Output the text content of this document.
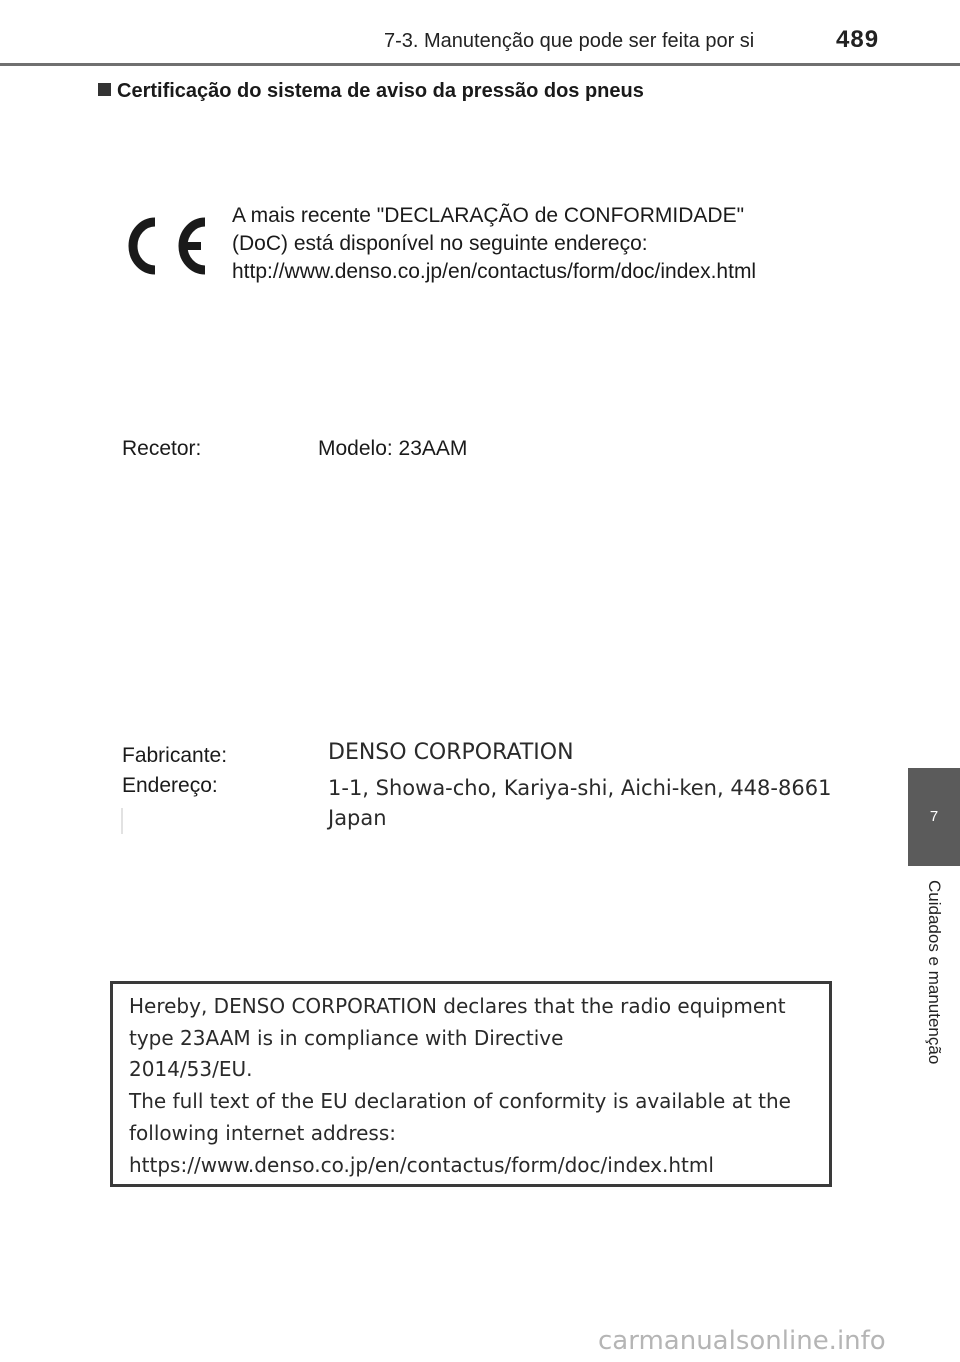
7-3. Manutenção que pode ser feita por si	489
Certificação do sistema de aviso da pressão dos pneus
A mais recente "DECLARAÇÃO de CONFORMIDADE"
(DoC) está disponível no seguinte endereço:
http://www.denso.co.jp/en/contactus/form/doc/index.html
Recetor:	Modelo: 23AAM
Fabricante:
Endereço:
DENSO CORPORATION
1-1, Showa-cho, Kariya-shi, Aichi-ken, 448-8661
Japan
Hereby, DENSO CORPORATION declares that the radio equipment
type 23AAM is in compliance with Directive
2014/53/EU.
The full text of the EU declaration of conformity is available at the
following internet address:
https://www.denso.co.jp/en/contactus/form/doc/index.html
7
Cuidados e manutenção
carmanualsonline.info
